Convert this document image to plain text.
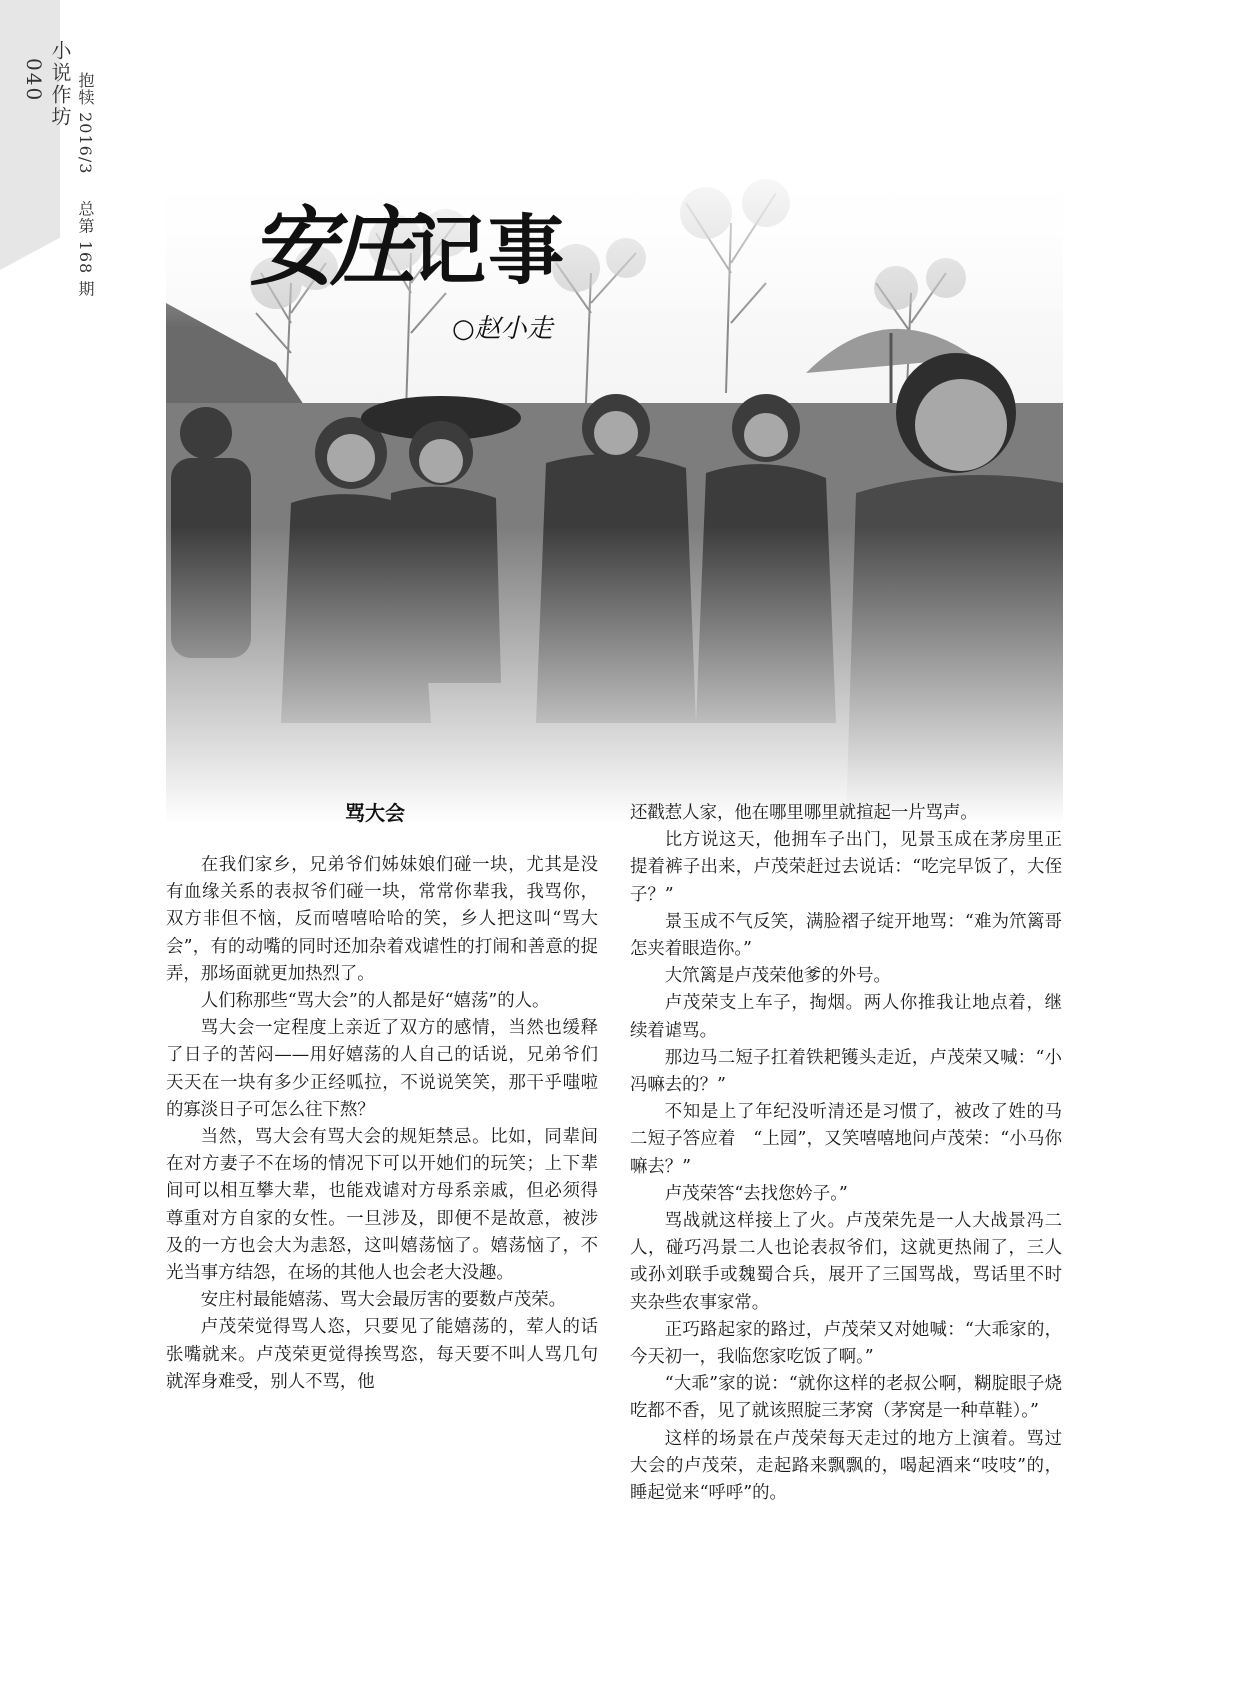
小说作坊
040 抱犊 2016/3  总第 168 期 安庄记事
○赵小走
骂大会

在我们家乡，兄弟爷们姊妹娘们碰一块，尤其是没有血缘关系的表叔爷们碰一块，常常你辈我，我骂你，双方非但不恼，反而嘻嘻哈哈的笑，乡人把这叫“骂大会”，有的动嘴的同时还加杂着戏谑性的打闹和善意的捉弄，那场面就更加热烈了。

人们称那些“骂大会”的人都是好“嬉荡”的人。

骂大会一定程度上亲近了双方的感情，当然也缓释了日子的苦闷——用好嬉荡的人自己的话说，兄弟爷们天天在一块有多少正经呱拉，不说说笑笑，那干乎嗤啦的寡淡日子可怎么往下熬？

当然，骂大会有骂大会的规矩禁忌。比如，同辈间在对方妻子不在场的情况下可以开她们的玩笑；上下辈间可以相互攀大辈，也能戏谑对方母系亲戚，但必须得尊重对方自家的女性。一旦涉及，即便不是故意，被涉及的一方也会大为恚怒，这叫嬉荡恼了。嬉荡恼了，不光当事方结怨，在场的其他人也会老大没趣。

安庄村最能嬉荡、骂大会最厉害的要数卢茂荣。

卢茂荣觉得骂人恣，只要见了能嬉荡的，荤人的话张嘴就来。卢茂荣更觉得挨骂恣，每天要不叫人骂几句就浑身难受，别人不骂，他

还戳惹人家，他在哪里哪里就揎起一片骂声。

比方说这天，他拥车子出门，见景玉成在茅房里正提着裤子出来，卢茂荣赶过去说话：“吃完早饭了，大侄子？”

景玉成不气反笑，满脸褶子绽开地骂：“难为笊篱哥怎夹着眼造你。”

大笊篱是卢茂荣他爹的外号。

卢茂荣支上车子，掏烟。两人你推我让地点着，继续着谑骂。

那边马二短子扛着铁耙镬头走近，卢茂荣又喊：“小冯嘛去的？”

不知是上了年纪没听清还是习惯了，被改了姓的马二短子答应着　“上园”，又笑嘻嘻地问卢茂荣：“小马你嘛去？”

卢茂荣答“去找您妗子。”

骂战就这样接上了火。卢茂荣先是一人大战景冯二人，碰巧冯景二人也论表叔爷们，这就更热闹了，三人或孙刘联手或魏蜀合兵，展开了三国骂战，骂话里不时夹杂些农事家常。

正巧路起家的路过，卢茂荣又对她喊：“大乖家的，今天初一，我临您家吃饭了啊。”

“大乖”家的说：“就你这样的老叔公啊，糊腚眼子烧吃都不香，见了就该照腚三茅窝（茅窝是一种草鞋）。”

这样的场景在卢茂荣每天走过的地方上演着。骂过大会的卢茂荣，走起路来飘飘的，喝起酒来“吱吱”的，睡起觉来“呼呼”的。
